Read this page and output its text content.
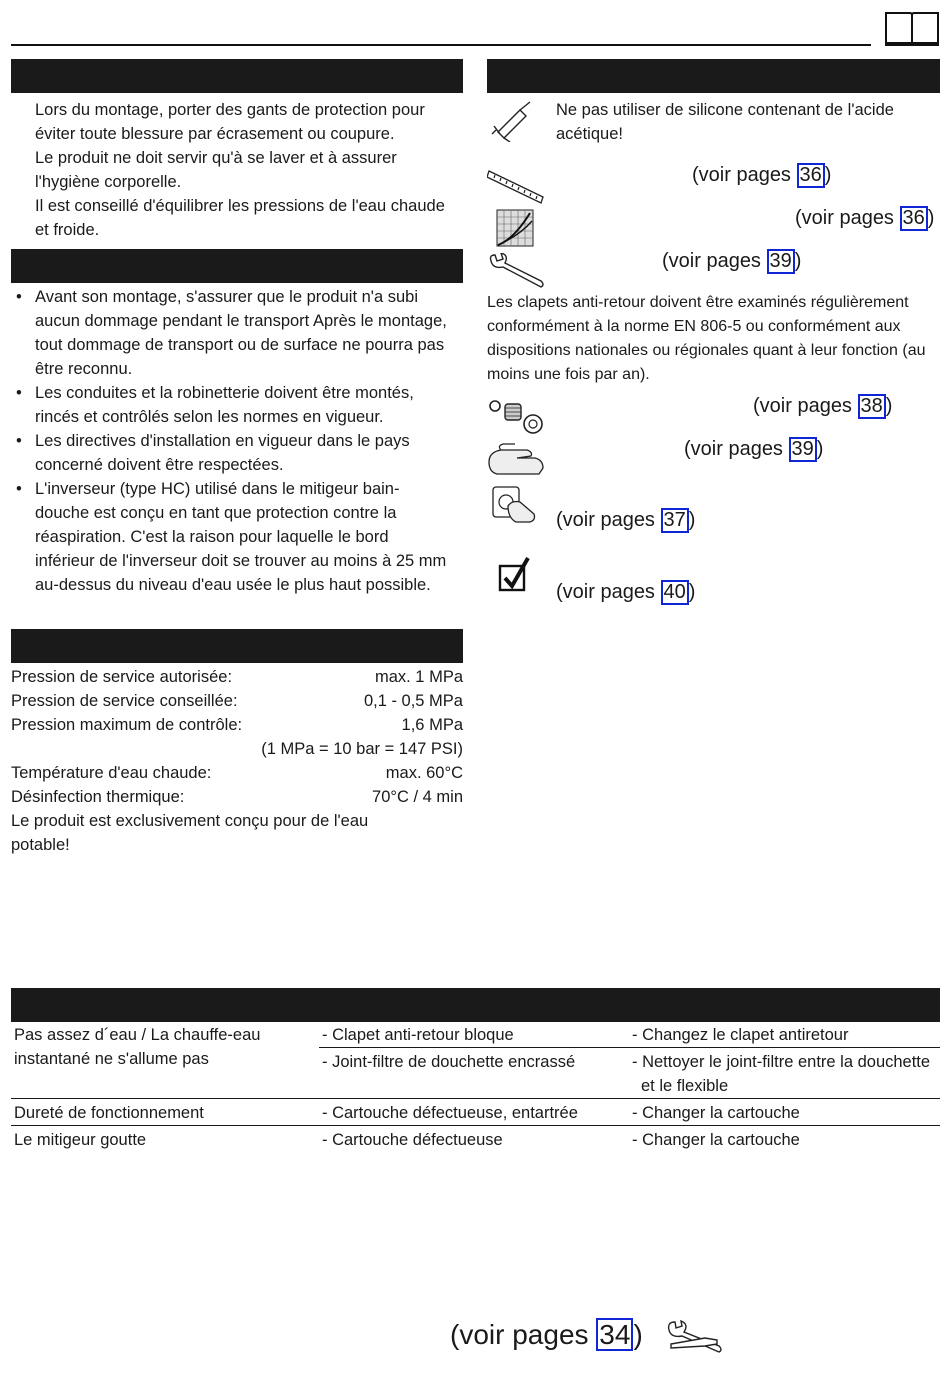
Lors du montage, porter des gants de protection pour éviter toute blessure par écrasement ou coupure.

Le produit ne doit servir qu'à se laver et à assurer l'hygiène corporelle.

Il est conseillé d'équilibrer les pressions de l'eau chaude et froide.

• Avant son montage, s'assurer que le produit n'a subi aucun dommage pendant le transport Après le montage, tout dommage de transport ou de surface ne pourra pas être reconnu.
• Les conduites et la robinetterie doivent être montés, rincés et contrôlés selon les normes en vigueur.
• Les directives d'installation en vigueur dans le pays concerné doivent être respectées.
• L'inverseur (type HC) utilisé dans le mitigeur bain-douche est conçu en tant que protection contre la réaspiration. C'est la raison pour laquelle le bord inférieur de l'inverseur doit se trouver au moins à 25 mm au-dessus du niveau d'eau usée le plus haut possible.
Pression de service autorisée:	max. 1 MPa
Pression de service conseillée:	0,1 - 0,5 MPa
Pression maximum de contrôle:	1,6 MPa
(1 MPa = 10 bar = 147 PSI)
Température d'eau chaude:	max. 60°C
Désinfection thermique:	70°C / 4 min
Le produit est exclusivement conçu pour de l'eau potable!
Ne pas utiliser de silicone contenant de l'acide acétique!
(voir pages 36 )
(voir pages 36 )
(voir pages 39 )
Les clapets anti-retour doivent être examinés régulièrement conformément à la norme EN 806-5 ou conformément aux dispositions nationales ou régionales quant à leur fonction (au moins une fois par an).
(voir pages 38 )
(voir pages 39 )
(voir pages 37 )
(voir pages 40 )
Pas assez d´eau / La chauffe-eau instantané ne s'allume pas	- Clapet anti-retour bloque	- Changez le clapet antiretour
	- Joint-filtre de douchette encrassé	- Nettoyer le joint-filtre entre la douchette et le flexible
Dureté de fonctionnement	- Cartouche défectueuse, entartrée	- Changer la cartouche
Le mitigeur goutte	- Cartouche défectueuse	- Changer la cartouche
(voir pages 34 )
